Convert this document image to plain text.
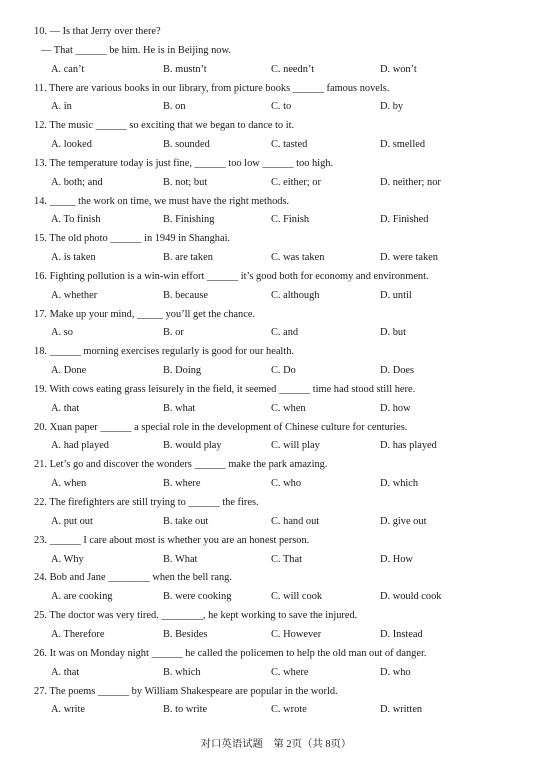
10. — Is that Jerry over there?
— That ______ be him. He is in Beijing now.
A. can’t	B. mustn’t	C. needn’t	D. won’t
11. There are various books in our library, from picture books ______ famous novels.
A. in	B. on	C. to	D. by
12. The music ______ so exciting that we began to dance to it.
A. looked	B. sounded	C. tasted	D. smelled
13. The temperature today is just fine, ______ too low ______ too high.
A. both; and	B. not; but	C. either; or	D. neither; nor
14. _____ the work on time, we must have the right methods.
A. To finish	B. Finishing	C. Finish	D. Finished
15. The old photo ______ in 1949 in Shanghai.
A. is taken	B. are taken	C. was taken	D. were taken
16. Fighting pollution is a win-win effort ______ it’s good both for economy and environment.
A. whether	B. because	C. although	D. until
17. Make up your mind, _____ you’ll get the chance.
A. so	B. or	C. and	D. but
18. ______ morning exercises regularly is good for our health.
A. Done	B. Doing	C. Do	D. Does
19. With cows eating grass leisurely in the field, it seemed ______ time had stood still here.
A. that	B. what	C. when	D. how
20. Xuan paper ______ a special role in the development of Chinese culture for centuries.
A. had played	B. would play	C. will play	D. has played
21. Let’s go and discover the wonders ______ make the park amazing.
A. when	B. where	C. who	D. which
22. The firefighters are still trying to ______ the fires.
A. put out	B. take out	C. hand out	D. give out
23. ______ I care about most is whether you are an honest person.
A. Why	B. What	C. That	D. How
24. Bob and Jane ________ when the bell rang.
A. are cooking	B. were cooking	C. will cook	D. would cook
25. The doctor was very tired. ________, he kept working to save the injured.
A. Therefore	B. Besides	C. However	D. Instead
26. It was on Monday night ______ he called the policemen to help the old man out of danger.
A. that	B. which	C. where	D. who
27. The poems ______ by William Shakespeare are popular in the world.
A. write	B. to write	C. wrote	D. written
对口英语试题　第 2页（共 8页）
